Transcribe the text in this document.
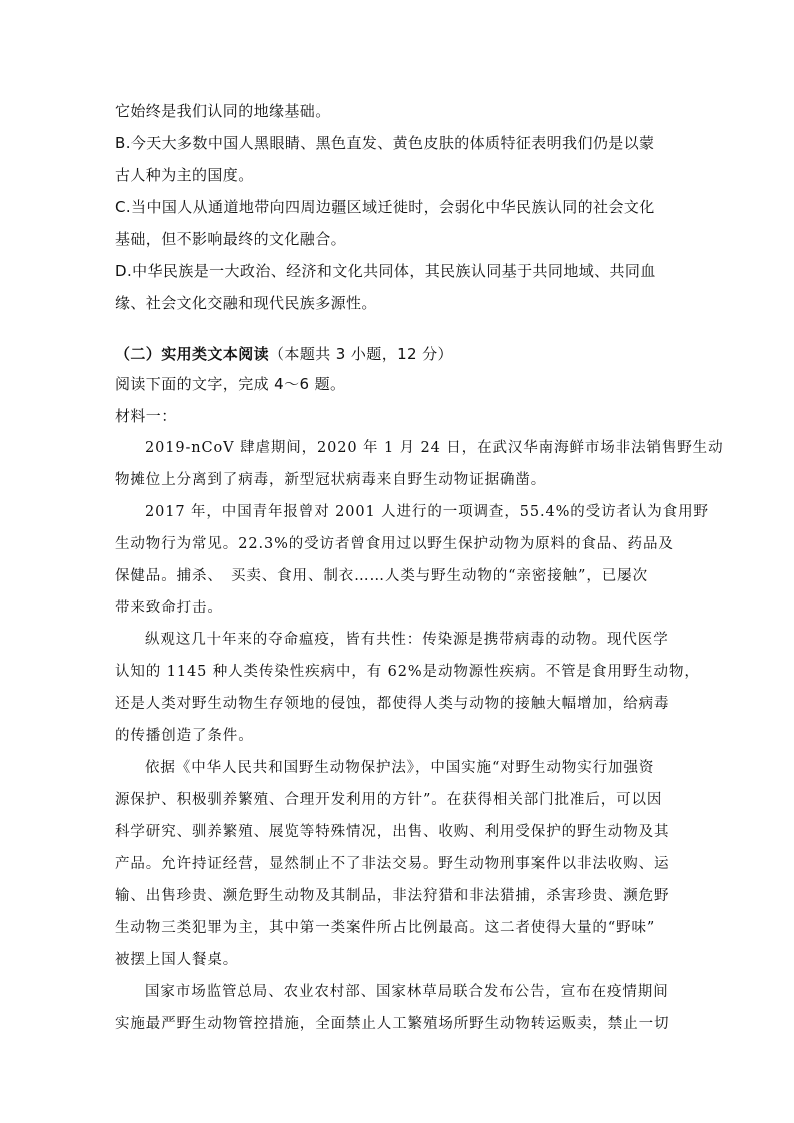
它始终是我们认同的地缘基础。
B.今天大多数中国人黑眼睛、黑色直发、黄色皮肤的体质特征表明我们仍是以蒙
古人种为主的国度。
C.当中国人从通道地带向四周边疆区域迁徙时，会弱化中华民族认同的社会文化
基础，但不影响最终的文化融合。
D.中华民族是一大政治、经济和文化共同体，其民族认同基于共同地域、共同血
缘、社会文化交融和现代民族多源性。
（二）实用类文本阅读（本题共 3 小题，12 分）
阅读下面的文字，完成 4～6 题。
材料一：
2019-nCoV 肆虐期间，2020 年 1 月 24 日，在武汉华南海鲜市场非法销售野生动
物摊位上分离到了病毒，新型冠状病毒来自野生动物证据确凿。
2017 年，中国青年报曾对 2001 人进行的一项调查，55.4%的受访者认为食用野
生动物行为常见。22.3%的受访者曾食用过以野生保护动物为原料的食品、药品及
保健品。捕杀、　买卖、食用、制衣……人类与野生动物的“亲密接触”，已屡次
带来致命打击。
纵观这几十年来的夺命瘟疫，皆有共性：传染源是携带病毒的动物。现代医学
认知的 1145 种人类传染性疾病中，有 62%是动物源性疾病。不管是食用野生动物，
还是人类对野生动物生存领地的侵蚀，都使得人类与动物的接触大幅增加，给病毒
的传播创造了条件。
依据《中华人民共和国野生动物保护法》，中国实施“对野生动物实行加强资
源保护、积极驯养繁殖、合理开发利用的方针”。在获得相关部门批准后，可以因
科学研究、驯养繁殖、展览等特殊情况，出售、收购、利用受保护的野生动物及其
产品。允许持证经营，显然制止不了非法交易。野生动物刑事案件以非法收购、运
输、出售珍贵、濒危野生动物及其制品，非法狩猎和非法猎捕，杀害珍贵、濒危野
生动物三类犯罪为主，其中第一类案件所占比例最高。这二者使得大量的“野味”
被摆上国人餐桌。
国家市场监管总局、农业农村部、国家林草局联合发布公告，宣布在疫情期间
实施最严野生动物管控措施，全面禁止人工繁殖场所野生动物转运贩卖，禁止一切
